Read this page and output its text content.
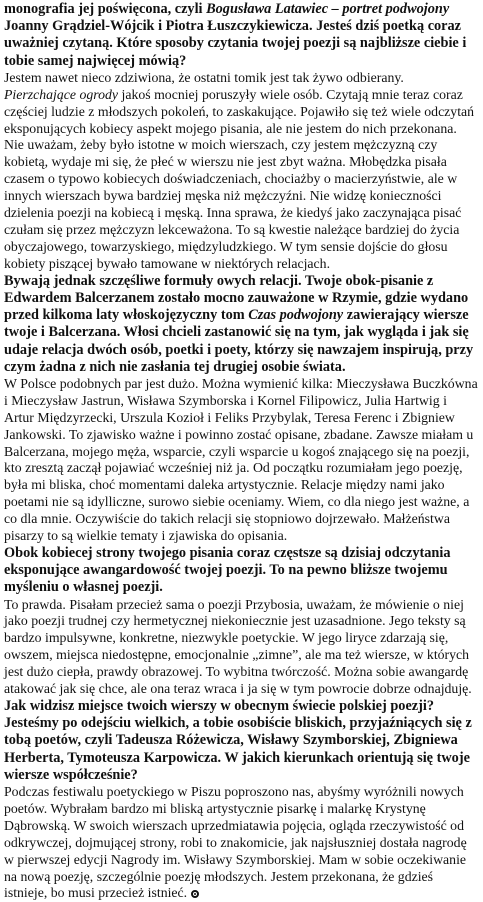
monografia jej poświęcona, czyli Bogusława Latawiec – portret podwojony Joanny Grądziel-Wójcik i Piotra Łuszczykiewicza. Jesteś dziś poetką coraz uważniej czytaną. Które sposoby czytania twojej poezji są najbliższe ciebie i tobie samej najwięcej mówią?

Jestem nawet nieco zdziwiona, że ostatni tomik jest tak żywo odbierany. Pierzchające ogrody jakoś mocniej poruszyły wiele osób. Czytają mnie teraz coraz częściej ludzie z młodszych pokoleń, to zaskakujące. Pojawiło się też wiele odczytań eksponujących kobiecy aspekt mojego pisania, ale nie jestem do nich przekonana. Nie uważam, żeby było istotne w moich wierszach, czy jestem mężczyzną czy kobietą, wydaje mi się, że płeć w wierszu nie jest zbyt ważna. Młobędzka pisała czasem o typowo kobiecych doświadczeniach, chociażby o macierzyństwie, ale w innych wierszach bywa bardziej męska niż mężczyźni. Nie widzę konieczności dzielenia poezji na kobiecą i męską. Inna sprawa, że kiedyś jako zaczynająca pisać czułam się przez mężczyzn lekceważona. To są kwestie należące bardziej do życia obyczajowego, towarzyskiego, międzyludzkiego. W tym sensie dojście do głosu kobiety piszącej bywało tamowane w niektórych relacjach.

Bywają jednak szczęśliwe formuły owych relacji. Twoje obok-pisanie z Edwardem Balcerzanem zostało mocno zauważone w Rzymie, gdzie wydano przed kilkoma laty włoskojęzyczny tom Czas podwojony zawierający wiersze twoje i Balcerzana. Włosi chcieli zastanowić się na tym, jak wygląda i jak się udaje relacja dwóch osób, poetki i poety, którzy się nawzajem inspirują, przy czym żadna z nich nie zasłania tej drugiej osobie świata.

W Polsce podobnych par jest dużo. Można wymienić kilka: Mieczysława Buczkówna i Mieczysław Jastrun, Wisława Szymborska i Kornel Filipowicz, Julia Hartwig i Artur Międzyrzecki, Urszula Kozioł i Feliks Przybylak, Teresa Ferenc i Zbigniew Jankowski. To zjawisko ważne i powinno zostać opisane, zbadane. Zawsze miałam u Balcerzana, mojego męża, wsparcie, czyli wsparcie u kogoś znającego się na poezji, kto zresztą zaczął pojawiać wcześniej niż ja. Od początku rozumiałam jego poezję, była mi bliska, choć momentami daleka artystycznie. Relacje między nami jako poetami nie są idylliczne, surowo siebie oceniamy. Wiem, co dla niego jest ważne, a co dla mnie. Oczywiście do takich relacji się stopniowo dojrzewało. Małżeństwa pisarzy to są wielkie tematy i zjawiska do opisania.

Obok kobiecej strony twojego pisania coraz częstsze są dzisiaj odczytania eksponujące awangardowość twojej poezji. To na pewno bliższe twojemu myśleniu o własnej poezji.

To prawda. Pisałam przecież sama o poezji Przybosia, uważam, że mówienie o niej jako poezji trudnej czy hermetycznej niekoniecznie jest uzasadnione. Jego teksty są bardzo impulsywne, konkretne, niezwykle poetyckie. W jego liryce zdarzają się, owszem, miejsca niedostępne, emocjonalnie „zimne”, ale ma też wiersze, w których jest dużo ciepła, prawdy obrazowej. To wybitna twórczość. Można sobie awangardę atakować jak się chce, ale ona teraz wraca i ja się w tym powrocie dobrze odnajduję.

Jak widzisz miejsce twoich wierszy w obecnym świecie polskiej poezji? Jesteśmy po odejściu wielkich, a tobie osobiście bliskich, przyjaźniących się z tobą poetów, czyli Tadeusza Różewicza, Wisławy Szymborskiej, Zbigniewa Herberta, Tymoteusza Karpowicza. W jakich kierunkach orientują się twoje wiersze współcześnie?

Podczas festiwalu poetyckiego w Piszu poproszono nas, abyśmy wyróżnili nowych poetów. Wybrałam bardzo mi bliską artystycznie pisarkę i malarkę Krystynę Dąbrowską. W swoich wierszach uprzedmiatawia pojęcia, ogląda rzeczywistość od odkrywczej, dojmującej strony, robi to znakomicie, jak najsłuszniej dostała nagrodę w pierwszej edycji Nagrody im. Wisławy Szymborskiej. Mam w sobie oczekiwanie na nową poezję, szczególnie poezję młodszych. Jestem przekonana, że gdzieś istnieje, bo musi przecież istnieć.
